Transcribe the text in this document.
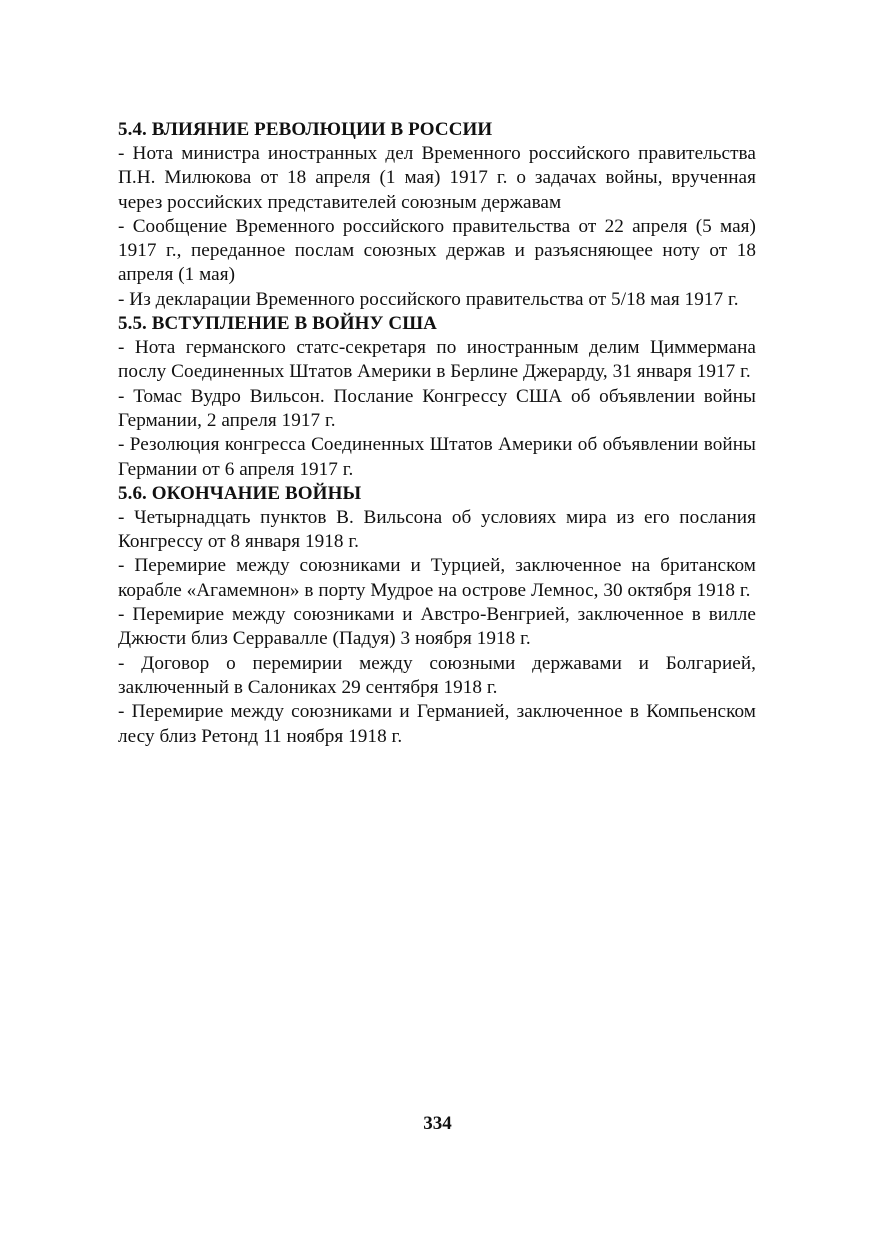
5.4. ВЛИЯНИЕ РЕВОЛЮЦИИ В РОССИИ

- Нота министра иностранных дел Временного российского правительства П.Н. Милюкова от 18 апреля (1 мая) 1917 г. о задачах войны, врученная через российских представителей союзным державам

- Сообщение Временного российского правительства от 22 апреля (5 мая) 1917 г., переданное послам союзных держав и разъясняющее ноту от 18 апреля (1 мая)

- Из декларации Временного российского правительства от 5/18 мая 1917 г.

5.5. ВСТУПЛЕНИЕ В ВОЙНУ США

- Нота германского статс-секретаря по иностранным делим Циммермана послу Соединенных Штатов Америки в Берлине Джерарду, 31 января 1917 г.

- Томас Вудро Вильсон. Послание Конгрессу США об объявлении войны Германии, 2 апреля 1917 г.

- Резолюция конгресса Соединенных Штатов Америки об объявлении войны Германии от 6 апреля 1917 г.

5.6. ОКОНЧАНИЕ ВОЙНЫ

- Четырнадцать пунктов В. Вильсона об условиях мира из его послания Конгрессу от 8 января 1918 г.

- Перемирие между союзниками и Турцией, заключенное на британском корабле «Агамемнон» в порту Мудрое на острове Лемнос, 30 октября 1918 г.

- Перемирие между союзниками и Австро-Венгрией, заключенное в вилле Джюсти близ Серравалле (Падуя) 3 ноября 1918 г.

- Договор о перемирии между союзными державами и Болгарией, заключенный в Салониках 29 сентября 1918 г.

- Перемирие между союзниками и Германией, заключенное в Компьенском лесу близ Ретонд 11 ноября 1918 г.

334
